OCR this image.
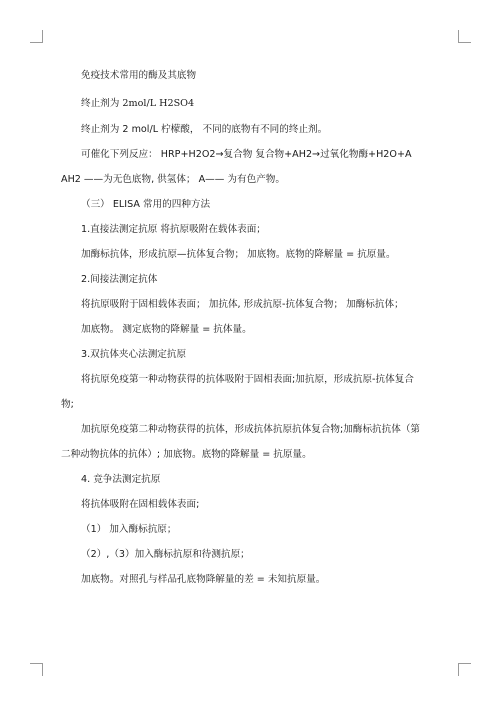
免疫技术常用的酶及其底物
终止剂为 2mol/L H2SO4
终止剂为 2 mol/L 柠檬酸， 不同的底物有不同的终止剂。
可催化下列反应： HRP+H2O2→复合物 复合物+AH2→过氧化物酶+H2O+A
AH2 ——为无色底物, 供氢体； A—— 为有色产物。
（三） ELISA 常用的四种方法
1.直接法测定抗原 将抗原吸附在载体表面；
加酶标抗体，形成抗原—抗体复合物； 加底物。底物的降解量 = 抗原量。
2.间接法测定抗体
将抗原吸附于固相载体表面； 加抗体, 形成抗原-抗体复合物； 加酶标抗体；
加底物。 测定底物的降解量 = 抗体量。
3.双抗体夹心法测定抗原
将抗原免疫第一种动物获得的抗体吸附于固相表面;加抗原，形成抗原-抗体复合
物;
加抗原免疫第二种动物获得的抗体，形成抗体抗原抗体复合物;加酶标抗抗体（第
二种动物抗体的抗体）; 加底物。底物的降解量 = 抗原量。
4. 竞争法测定抗原
将抗体吸附在固相载体表面;
（1） 加入酶标抗原；
（2）,（3）加入酶标抗原和待测抗原；
加底物。对照孔与样品孔底物降解量的差 = 未知抗原量。
